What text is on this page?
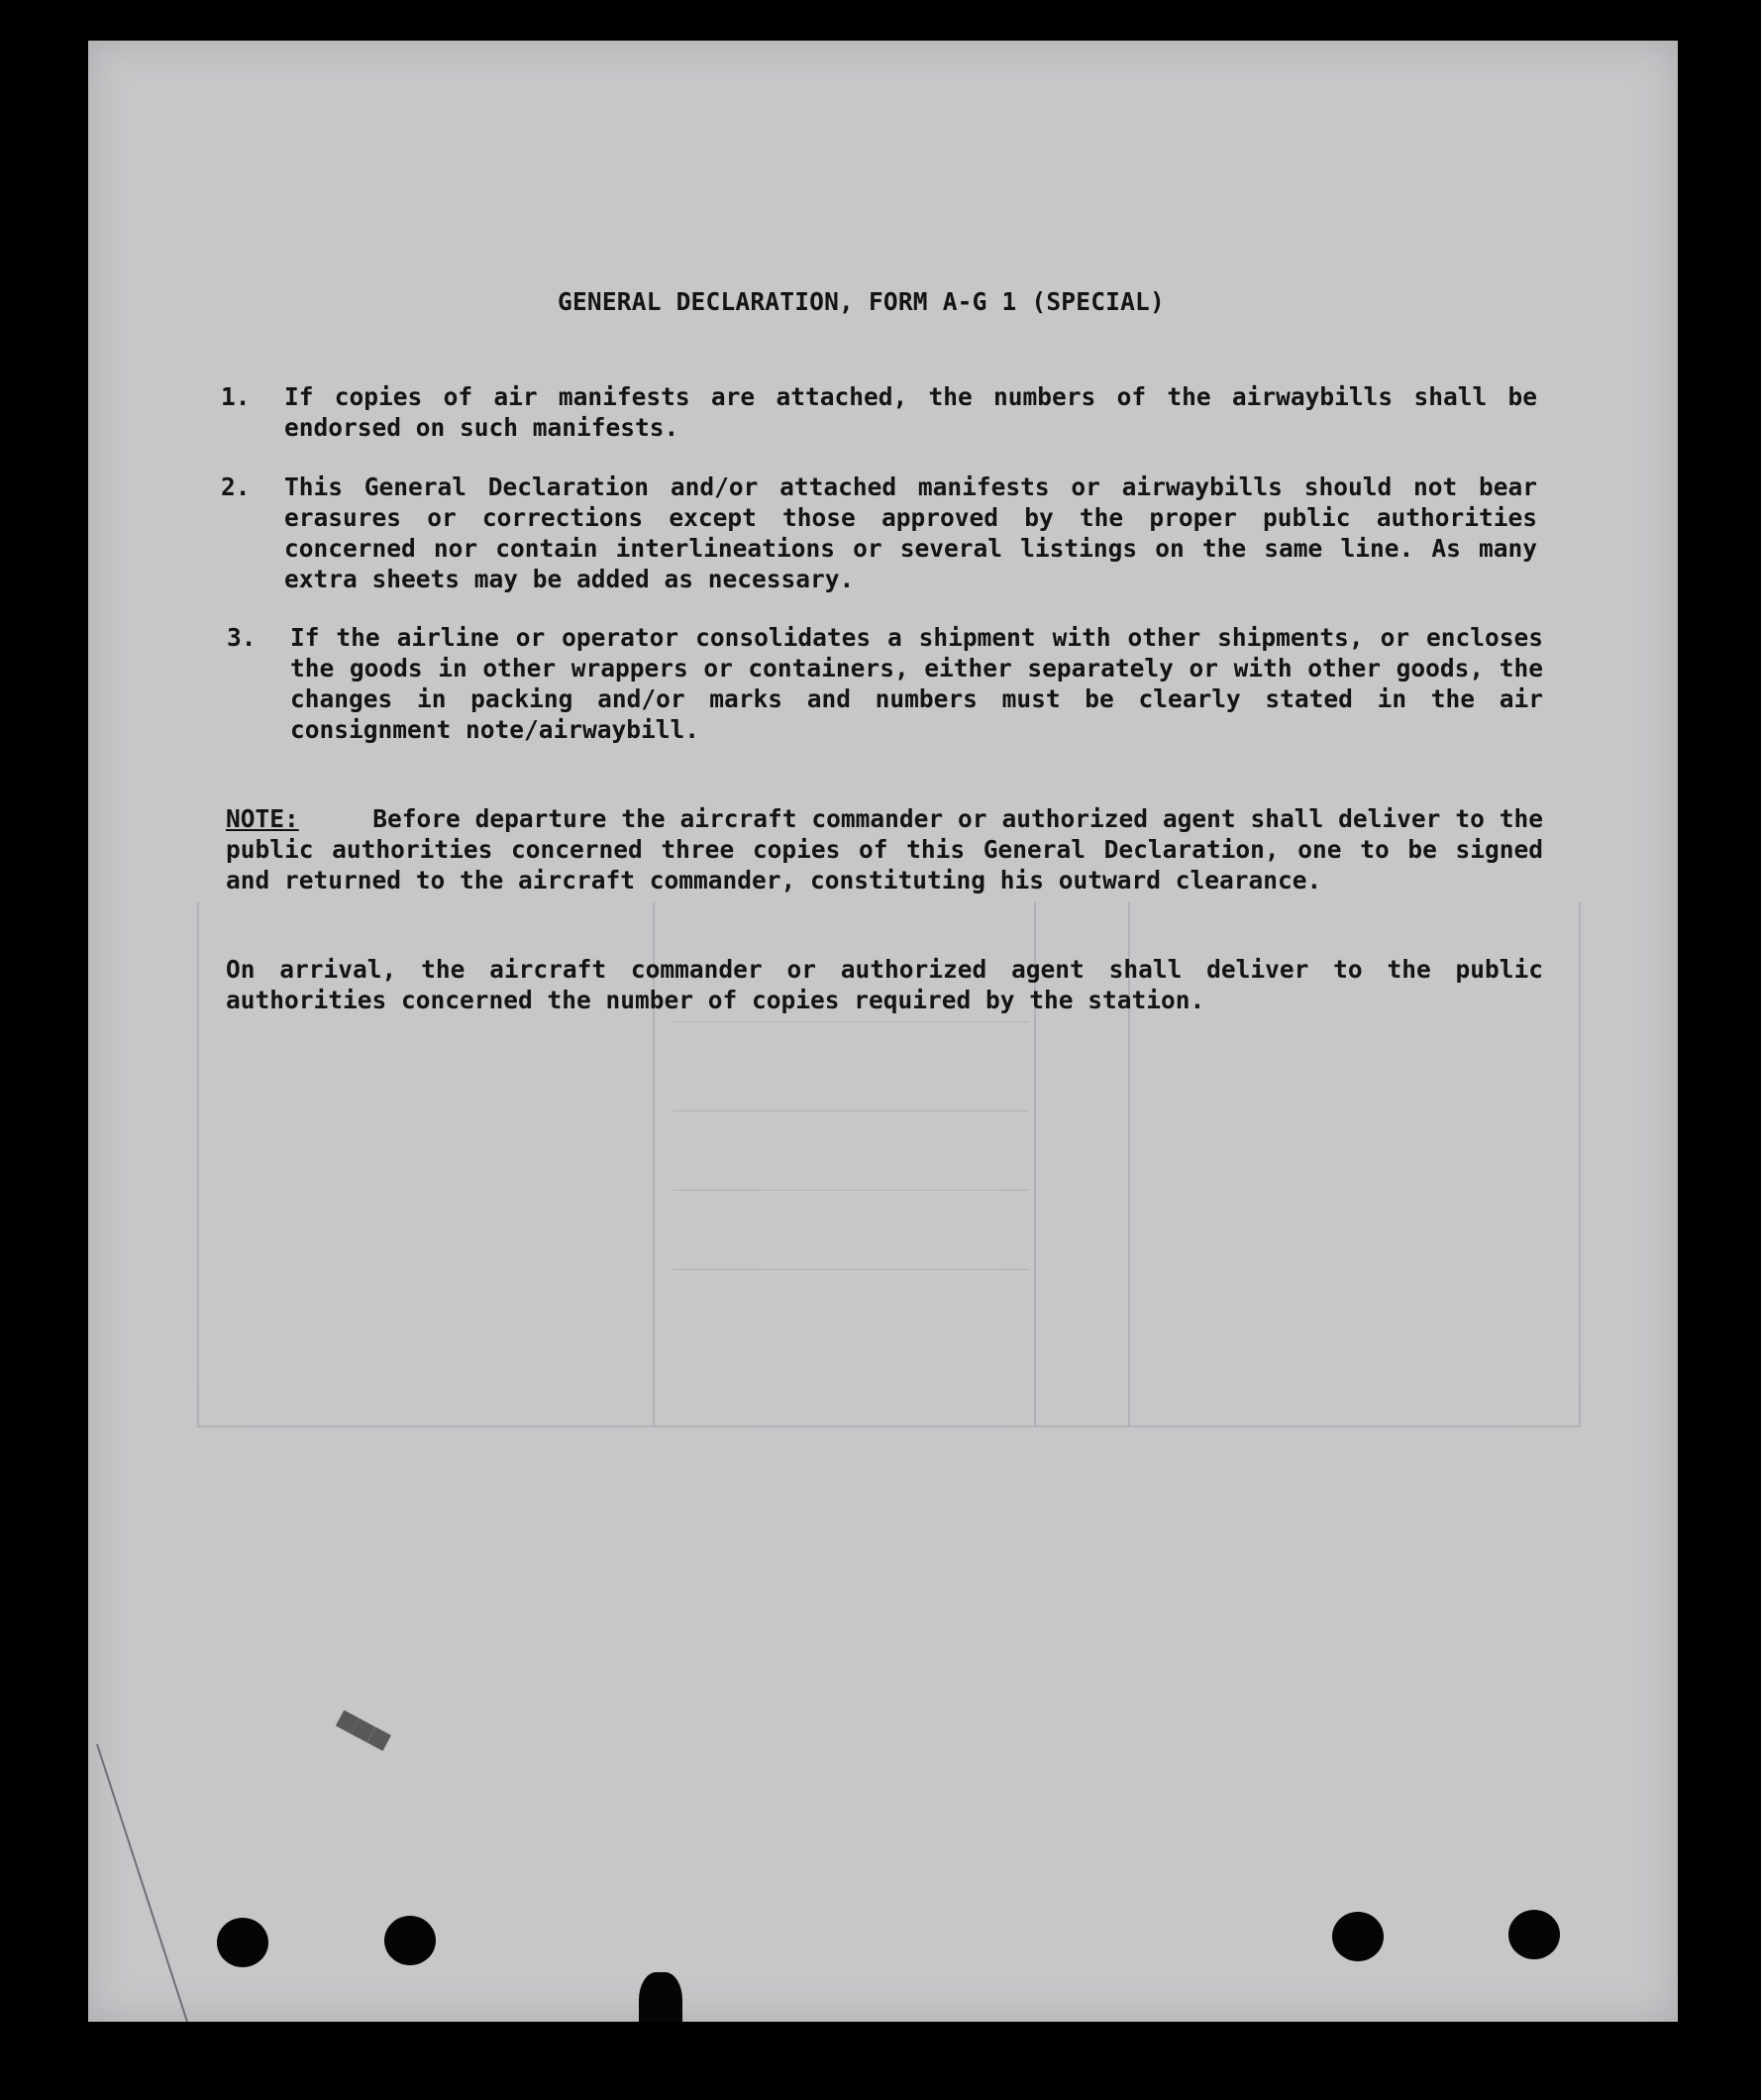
GENERAL DECLARATION, FORM A-G 1 (SPECIAL)
1. If copies of air manifests are attached, the numbers of the airwaybills shall be endorsed on such manifests.
2. This General Declaration and/or attached manifests or airwaybills should not bear erasures or corrections except those approved by the proper public authorities concerned nor contain interlineations or several listings on the same line. As many extra sheets may be added as necessary.
3. If the airline or operator consolidates a shipment with other shipments, or encloses the goods in other wrappers or containers, either separately or with other goods, the changes in packing and/or marks and numbers must be clearly stated in the air consignment note/airwaybill.
NOTE:	Before departure the aircraft commander or authorized agent shall deliver to the public authorities concerned three copies of this General Declaration, one to be signed and returned to the aircraft commander, constituting his outward clearance.
On arrival, the aircraft commander or authorized agent shall deliver to the public authorities concerned the number of copies required by the station.
■■■
